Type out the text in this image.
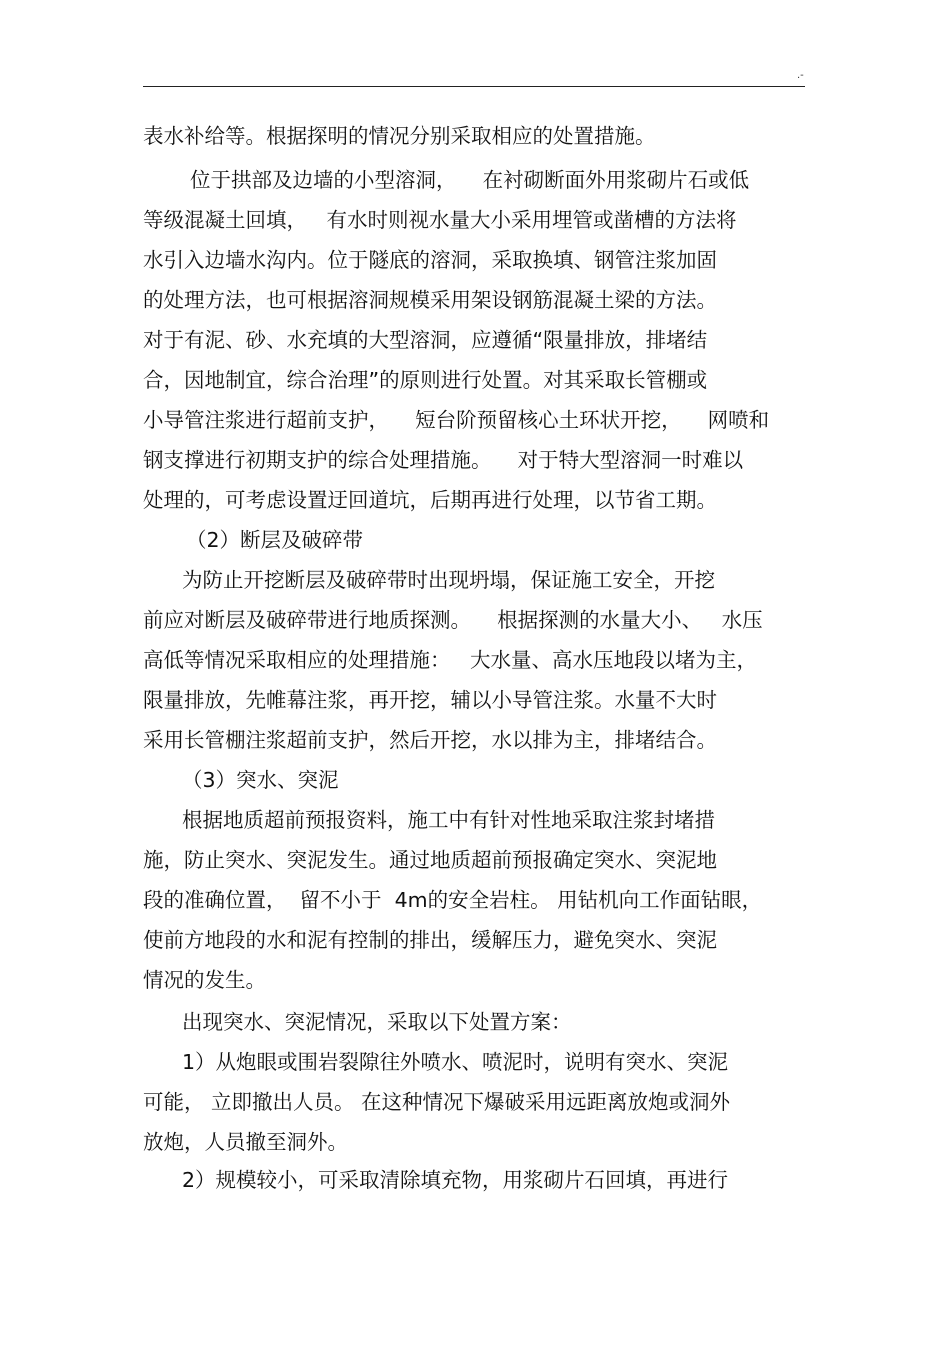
.-
表水补给等。根据探明的情况分别采取相应的处置措施。
位于拱部及边墙的小型溶洞，    在衬砌断面外用浆砌片石或低
等级混凝土回填，   有水时则视水量大小采用埋管或凿槽的方法将
水引入边墙水沟内。位于隧底的溶洞，采取换填、钢管注浆加固
的处理方法，也可根据溶洞规模采用架设钢筋混凝土梁的方法。
对于有泥、砂、水充填的大型溶洞，应遵循“限量排放，排堵结
合，因地制宜，综合治理”的原则进行处置。对其采取长管棚或
小导管注浆进行超前支护，    短台阶预留核心土环状开挖，    网喷和
钢支撑进行初期支护的综合处理措施。    对于特大型溶洞一时难以
处理的，可考虑设置迂回道坑，后期再进行处理，以节省工期。
（2）断层及破碎带
为防止开挖断层及破碎带时出现坍塌，保证施工安全，开挖
前应对断层及破碎带进行地质探测。    根据探测的水量大小、   水压
高低等情况采取相应的处理措施：   大水量、高水压地段以堵为主，
限量排放，先帷幕注浆，再开挖，辅以小导管注浆。水量不大时
采用长管棚注浆超前支护，然后开挖，水以排为主，排堵结合。
（3）突水、突泥
根据地质超前预报资料，施工中有针对性地采取注浆封堵措
施，防止突水、突泥发生。通过地质超前预报确定突水、突泥地
段的准确位置，  留不小于  4m的安全岩柱。 用钻机向工作面钻眼，
使前方地段的水和泥有控制的排出，缓解压力，避免突水、突泥
情况的发生。
出现突水、突泥情况，采取以下处置方案：
1）从炮眼或围岩裂隙往外喷水、喷泥时，说明有突水、突泥
可能， 立即撤出人员。 在这种情况下爆破采用远距离放炮或洞外
放炮，人员撤至洞外。
2）规模较小，可采取清除填充物，用浆砌片石回填，再进行
